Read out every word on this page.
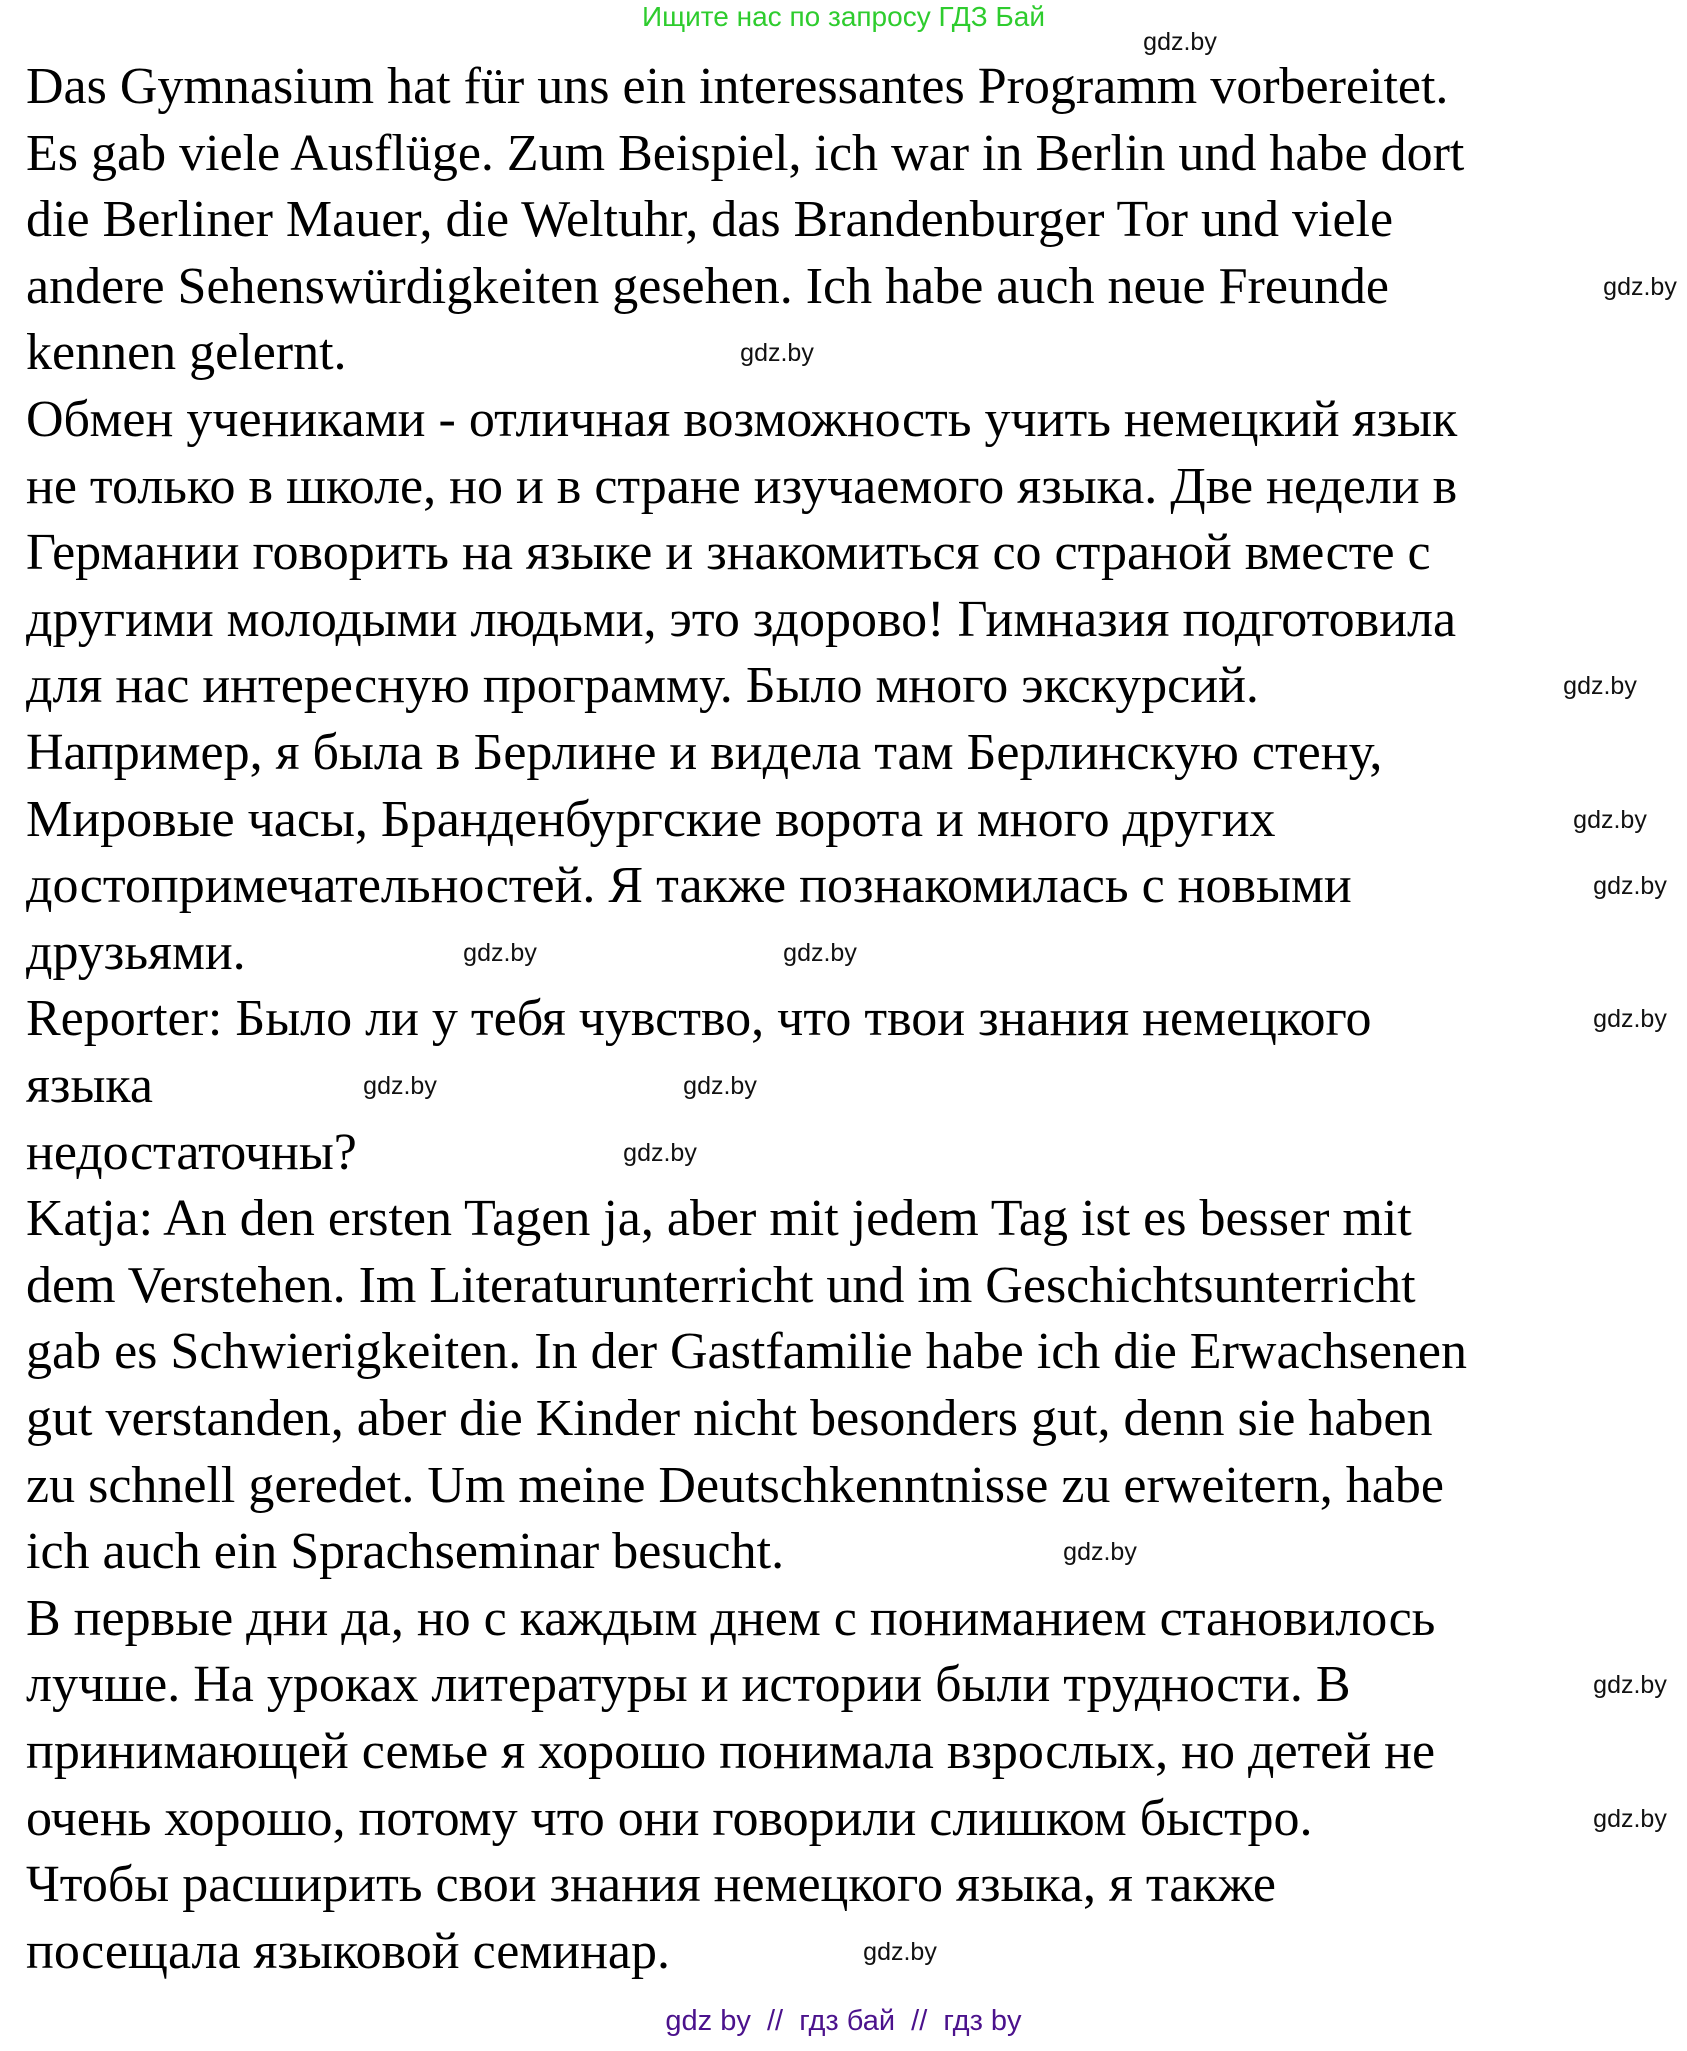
Ищите нас по запросу ГДЗ Бай
Das Gymnasium hat für uns ein interessantes Programm vorbereitet.
Es gab viele Ausflüge. Zum Beispiel, ich war in Berlin und habe dort
die Berliner Mauer, die Weltuhr, das Brandenburger Tor und viele
andere Sehenswürdigkeiten gesehen. Ich habe auch neue Freunde
kennen gelernt.
Обмен учениками - отличная возможность учить немецкий язык
не только в школе, но и в стране изучаемого языка. Две недели в
Германии говорить на языке и знакомиться со страной вместе с
другими молодыми людьми, это здорово! Гимназия подготовила
для нас интересную программу. Было много экскурсий.
Например, я была в Берлине и видела там Берлинскую стену,
Мировые часы, Бранденбургские ворота и много других
достопримечательностей. Я также познакомилась с новыми
друзьями.
Reporter: Было ли у тебя чувство, что твои знания немецкого
языка
недостаточны?
Katja: An den ersten Tagen ja, aber mit jedem Tag ist es besser mit
dem Verstehen. Im Literaturunterricht und im Geschichtsunterricht
gab es Schwierigkeiten. In der Gastfamilie habe ich die Erwachsenen
gut verstanden, aber die Kinder nicht besonders gut, denn sie haben
zu schnell geredet. Um meine Deutschkenntnisse zu erweitern, habe
ich auch ein Sprachseminar besucht.
В первые дни да, но с каждым днем с пониманием становилось
лучше. На уроках литературы и истории были трудности. В
принимающей семье я хорошо понимала взрослых, но детей не
очень хорошо, потому что они говорили слишком быстро.
Чтобы расширить свои знания немецкого языка, я также
посещала языковой семинар.
gdz.by
gdz.by
gdz.by
gdz.by
gdz.by
gdz.by
gdz.by	gdz.by
gdz.by
gdz.by	gdz.by
gdz.by
gdz.by
gdz.by
gdz.by
gdz.by
gdz by  //  гдз бай  //  гдз by
